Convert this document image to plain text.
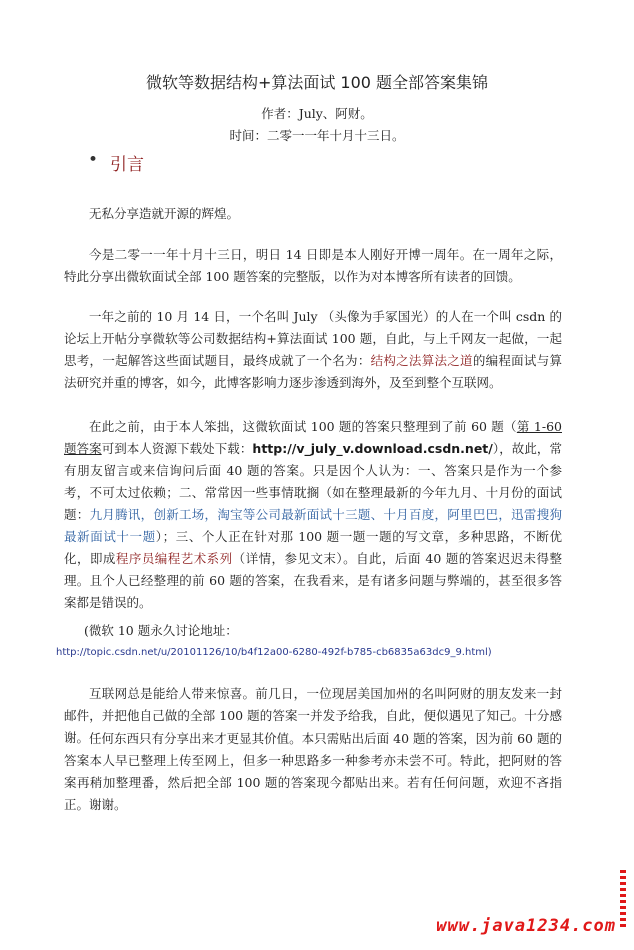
微软等数据结构+算法面试 100 题全部答案集锦
作者：July、阿财。
时间：二零一一年十月十三日。
• 引言
无私分享造就开源的辉煌。
今是二零一一年十月十三日，明日 14 日即是本人刚好开博一周年。在一周年之际，特此分享出微软面试全部 100 题答案的完整版，以作为对本博客所有读者的回馈。
一年之前的 10 月 14 日，一个名叫 July （头像为手冢国光）的人在一个叫 csdn 的论坛上开帖分享微软等公司数据结构+算法面试 100 题，自此，与上千网友一起做，一起思考，一起解答这些面试题目，最终成就了一个名为：结构之法算法之道的编程面试与算法研究并重的博客，如今，此博客影响力逐步渗透到海外，及至到整个互联网。
在此之前，由于本人笨拙，这微软面试 100 题的答案只整理到了前 60 题（第 1-60 题答案可到本人资源下载处下载：http://v_july_v.download.csdn.net/），故此，常有朋友留言或来信询问后面 40 题的答案。只是因个人认为：一、答案只是作为一个参考，不可太过依赖；二、常常因一些事情耽搁（如在整理最新的今年九月、十月份的面试题：九月腾讯，创新工场，淘宝等公司最新面试十三题、十月百度，阿里巴巴，迅雷搜狗最新面试十一题）；三、个人正在针对那 100 题一题一题的写文章，多种思路，不断优化，即成程序员编程艺术系列（详情，参见文末）。自此，后面 40 题的答案迟迟未得整理。且个人已经整理的前 60 题的答案，在我看来，是有诸多问题与弊端的，甚至很多答案都是错误的。
(微软 10 题永久讨论地址：
http://topic.csdn.net/u/20101126/10/b4f12a00-6280-492f-b785-cb6835a63dc9_9.html)
互联网总是能给人带来惊喜。前几日，一位现居美国加州的名叫阿财的朋友发来一封邮件，并把他自己做的全部 100 题的答案一并发予给我，自此，便似遇见了知己。十分感谢。 任何东西只有分享出来才更显其价值。本只需贴出后面 40 题的答案，因为前 60 题的答案本人早已整理上传至网上，但多一种思路多一种参考亦未尝不可。特此，把阿财的答案再稍加整理番，然后把全部 100 题的答案现今都贴出来。若有任何问题，欢迎不吝指正。谢谢。
www.java1234.com
